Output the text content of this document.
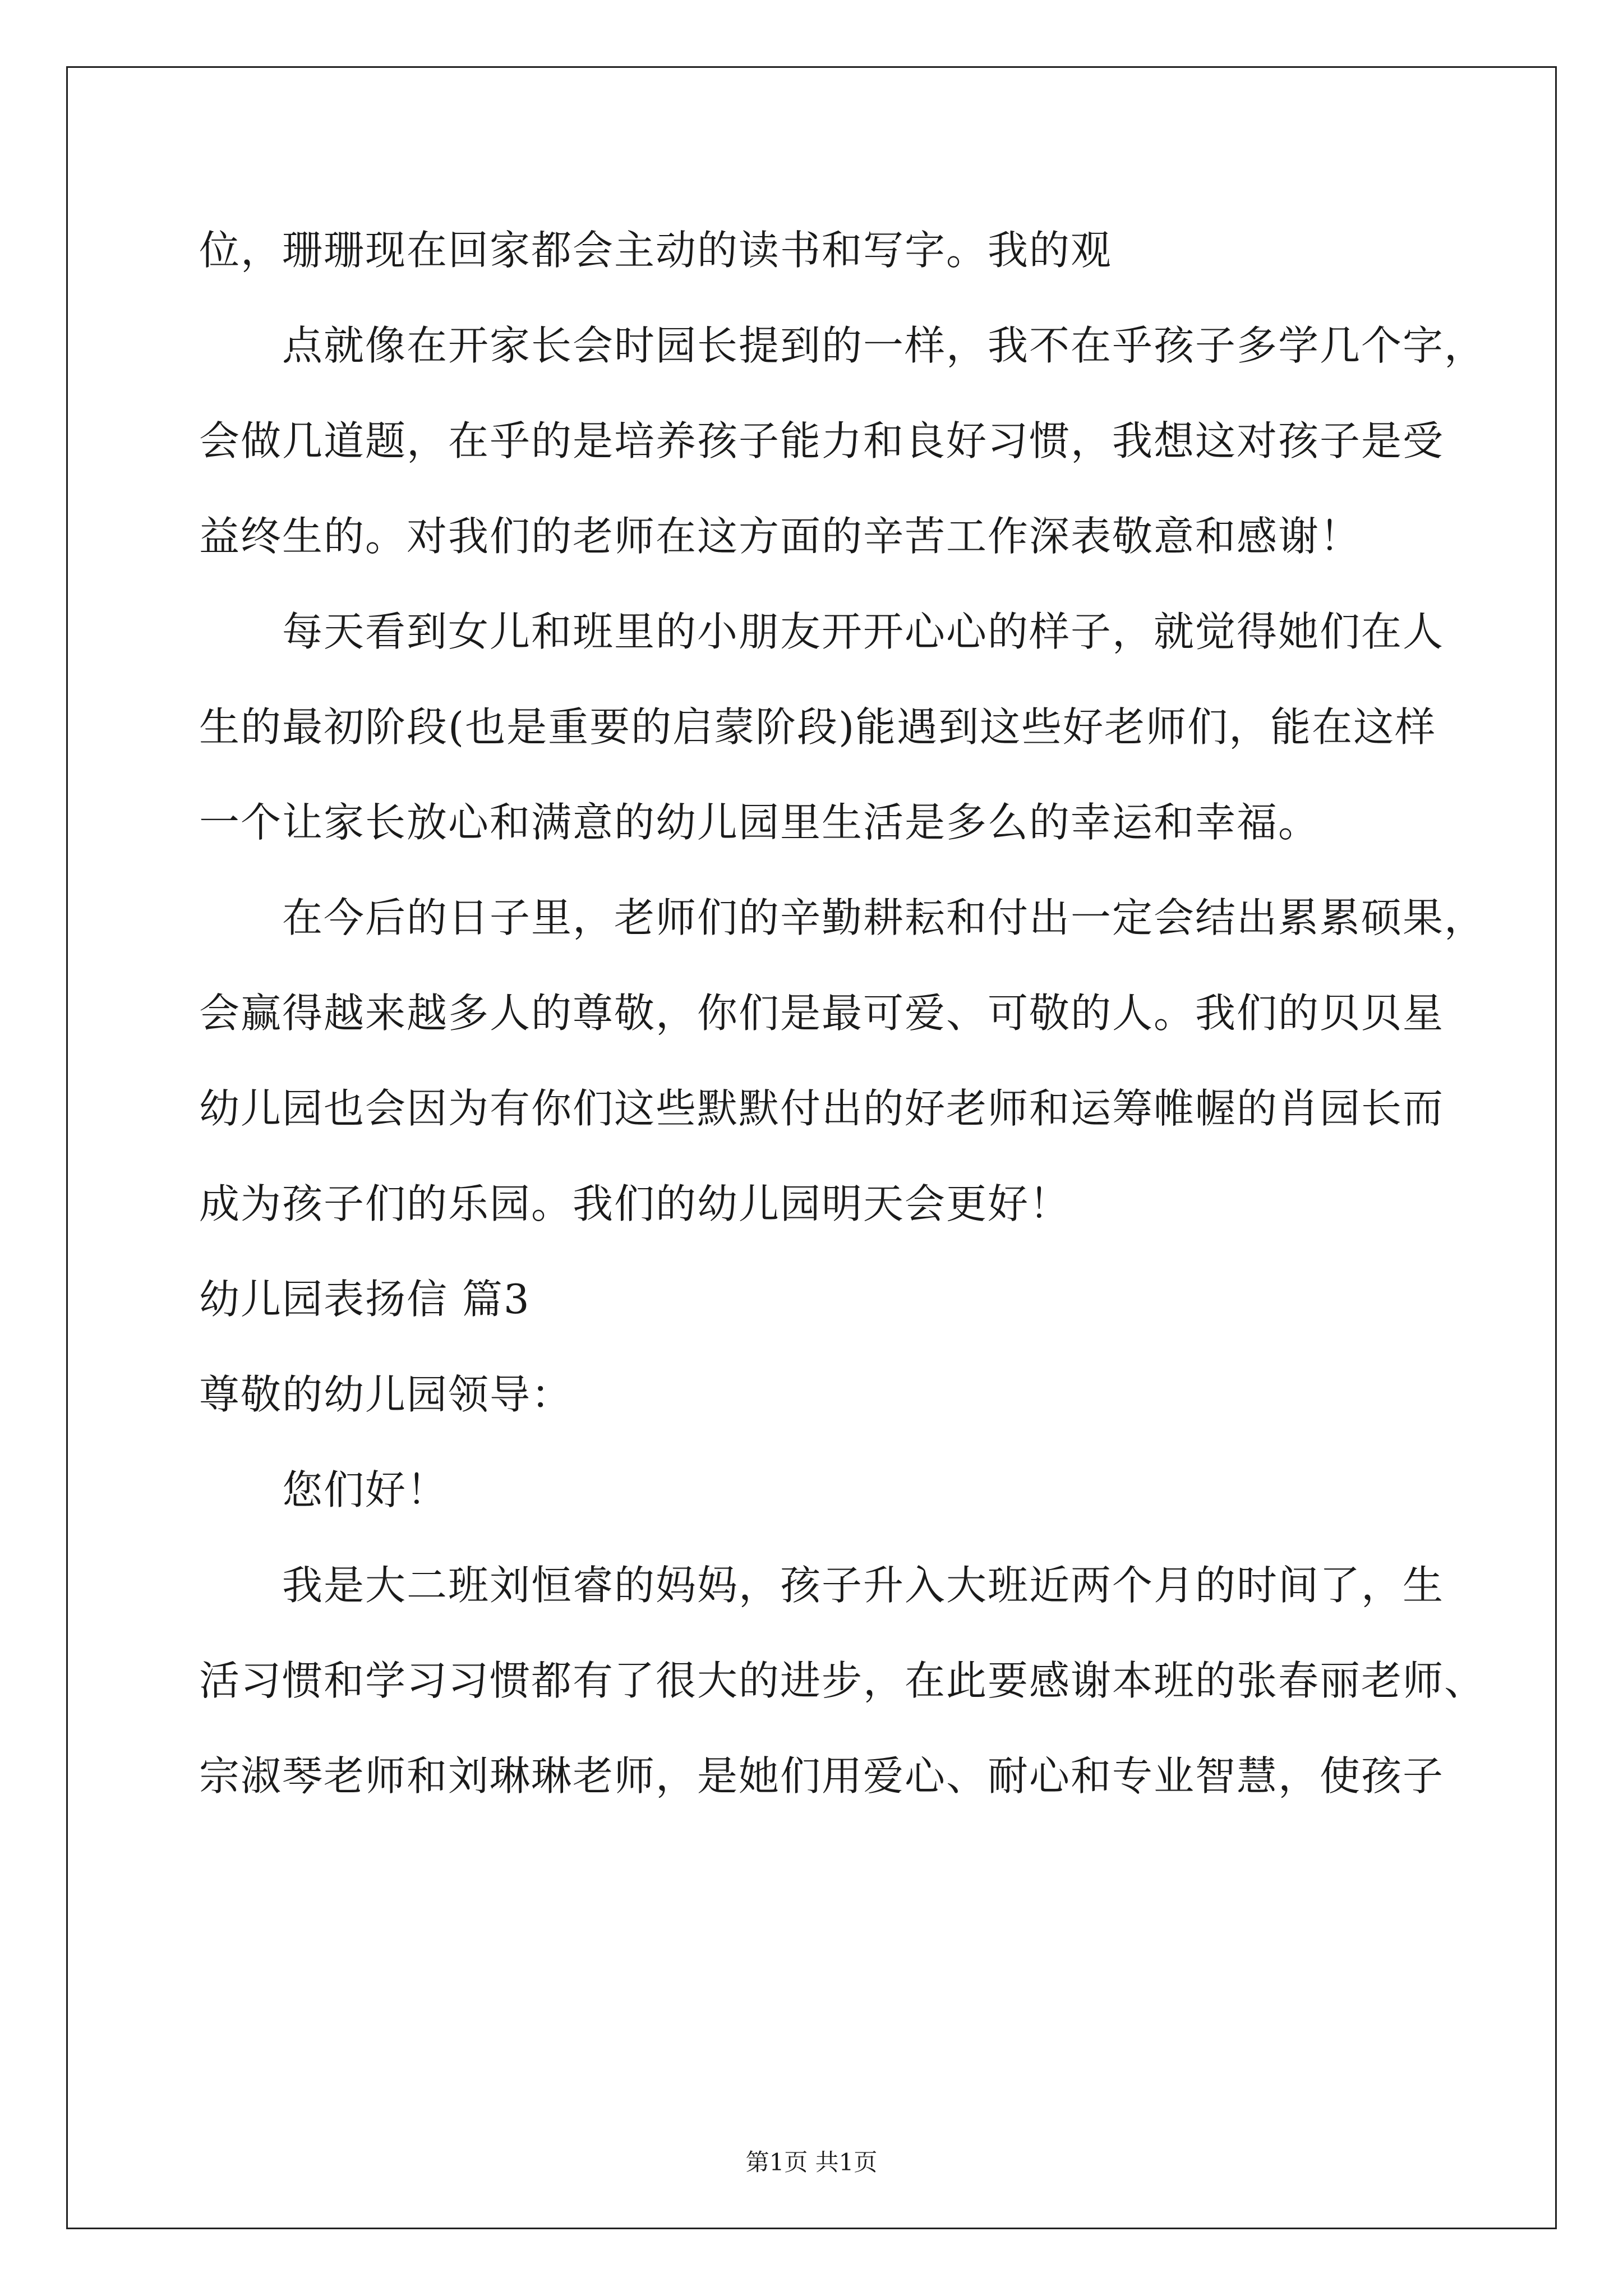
位，珊珊现在回家都会主动的读书和写字。我的观
点就像在开家长会时园长提到的一样，我不在乎孩子多学几个字，
会做几道题，在乎的是培养孩子能力和良好习惯，我想这对孩子是受
益终生的。对我们的老师在这方面的辛苦工作深表敬意和感谢！
每天看到女儿和班里的小朋友开开心心的样子，就觉得她们在人
生的最初阶段(也是重要的启蒙阶段)能遇到这些好老师们，能在这样
一个让家长放心和满意的幼儿园里生活是多么的幸运和幸福。
在今后的日子里，老师们的辛勤耕耘和付出一定会结出累累硕果，
会赢得越来越多人的尊敬，你们是最可爱、可敬的人。我们的贝贝星
幼儿园也会因为有你们这些默默付出的好老师和运筹帷幄的肖园长而
成为孩子们的乐园。我们的幼儿园明天会更好！
幼儿园表扬信 篇3
尊敬的幼儿园领导：
您们好！
我是大二班刘恒睿的妈妈，孩子升入大班近两个月的时间了，生
活习惯和学习习惯都有了很大的进步，在此要感谢本班的张春丽老师、
宗淑琴老师和刘琳琳老师，是她们用爱心、耐心和专业智慧，使孩子
第1页 共1页
